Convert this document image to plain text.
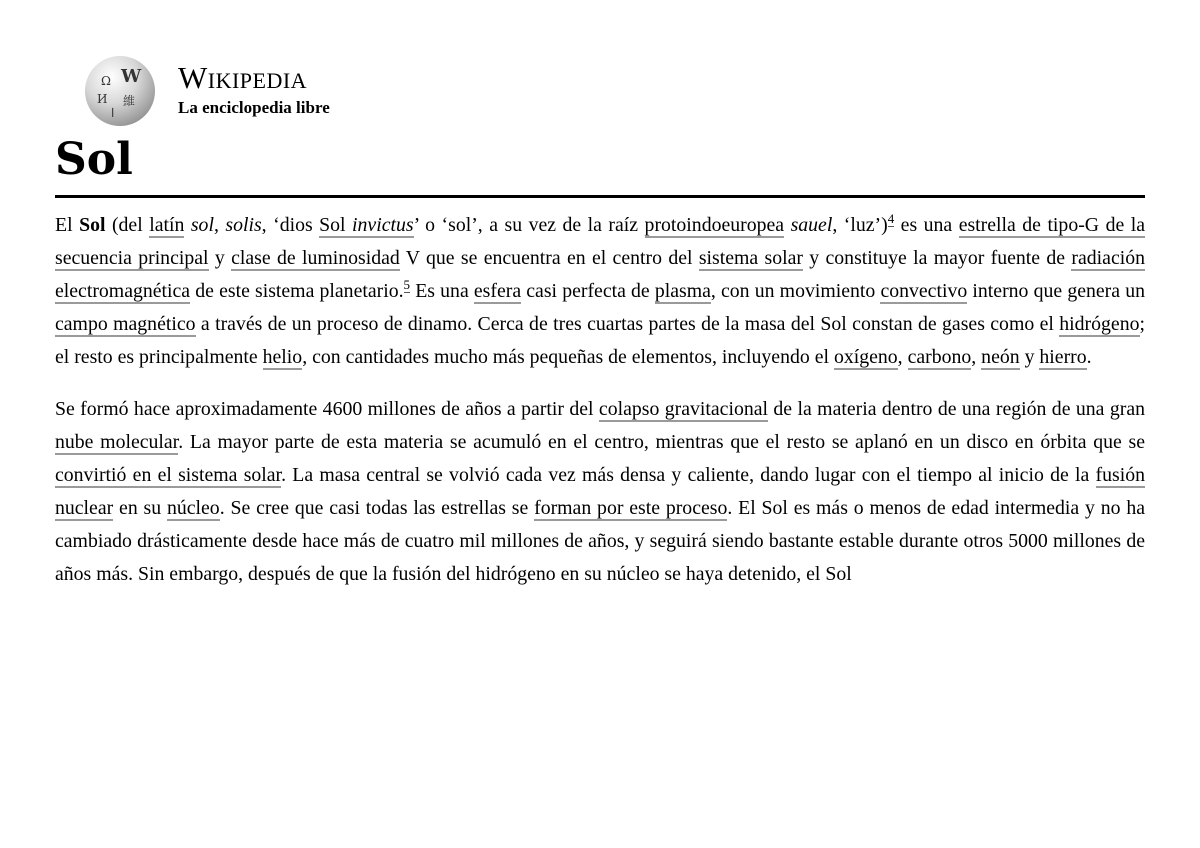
Ω W
И 維
ا
Wikipedia
La enciclopedia libre
Sol

El Sol (del latín sol, solis, ‘dios Sol invictus’ o ‘sol’, a su vez de la raíz protoindoeuropea sauel, ‘luz’)$^4$ es una estrella de tipo-G de la secuencia principal y clase de luminosidad V que se encuentra en el centro del sistema solar y constituye la mayor fuente de radiación electromagnética de este sistema planetario.$^5$ Es una esfera casi perfecta de plasma, con un movimiento convectivo interno que genera un campo magnético a través de un proceso de dinamo. Cerca de tres cuartas partes de la masa del Sol constan de gases como el hidrógeno; el resto es principalmente helio, con cantidades mucho más pequeñas de elementos, incluyendo el oxígeno, carbono, neón y hierro.

Se formó hace aproximadamente 4600 millones de años a partir del colapso gravitacional de la materia dentro de una región de una gran nube molecular. La mayor parte de esta materia se acumuló en el centro, mientras que el resto se aplanó en un disco en órbita que se convirtió en el sistema solar. La masa central se volvió cada vez más densa y caliente, dando lugar con el tiempo al inicio de la fusión nuclear en su núcleo. Se cree que casi todas las estrellas se forman por este proceso. El Sol es más o menos de edad intermedia y no ha cambiado drásticamente desde hace más de cuatro mil millones de años, y seguirá siendo bastante estable durante otros 5000 millones de años más. Sin embargo, después de que la fusión del hidrógeno en su núcleo se haya detenido, el Sol
